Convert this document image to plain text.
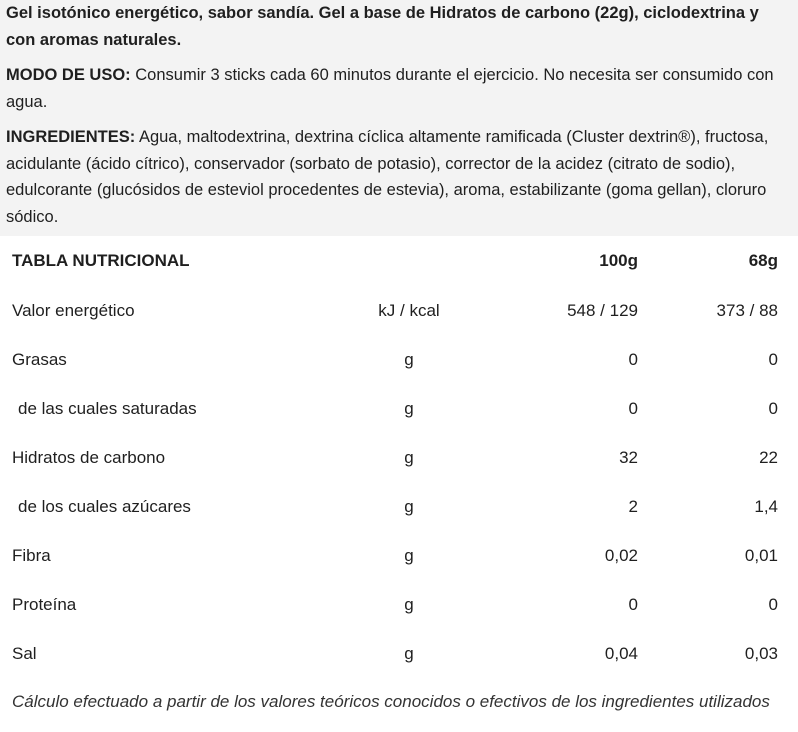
Gel isotónico energético, sabor sandía. Gel a base de Hidratos de carbono (22g), ciclodextrina y con aromas naturales.

MODO DE USO: Consumir 3 sticks cada 60 minutos durante el ejercicio. No necesita ser consumido con agua.

INGREDIENTES: Agua, maltodextrina, dextrina cíclica altamente ramificada (Cluster dextrin®), fructosa, acidulante (ácido cítrico), conservador (sorbato de potasio), corrector de la acidez (citrato de sodio), edulcorante (glucósidos de esteviol procedentes de estevia), aroma, estabilizante (goma gellan), cloruro sódico.

TABLA NUTRICIONAL		100g	68g
Valor energético	kJ / kcal	548 / 129	373 / 88
Grasas	g	0	0
de las cuales saturadas	g	0	0
Hidratos de carbono	g	32	22
de los cuales azúcares	g	2	1,4
Fibra	g	0,02	0,01
Proteína	g	0	0
Sal	g	0,04	0,03
Cálculo efectuado a partir de los valores teóricos conocidos o efectivos de los ingredientes utilizados
